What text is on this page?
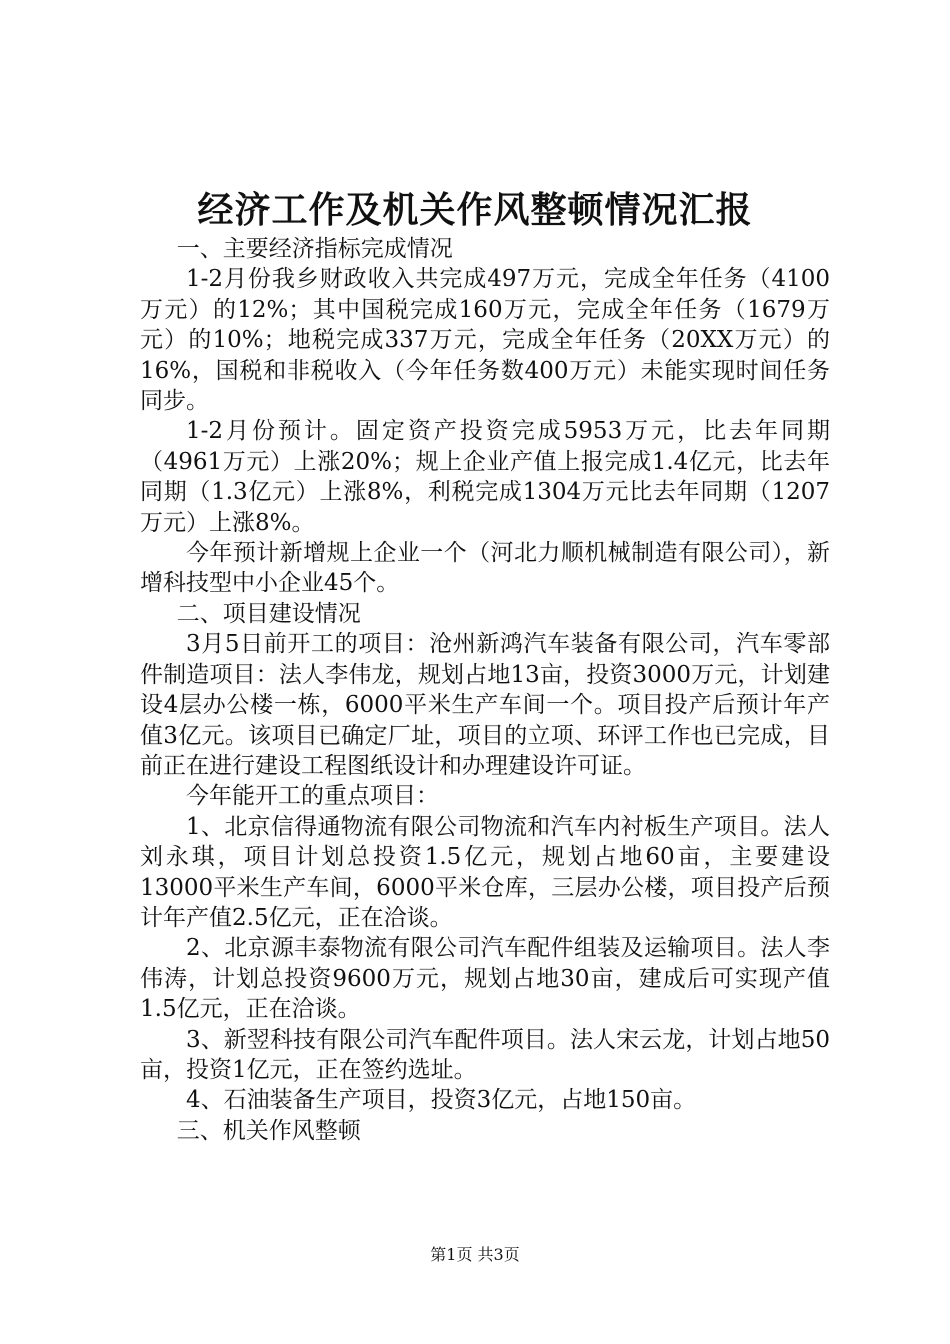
经济工作及机关作风整顿情况汇报

一、主要经济指标完成情况

1-2月份我乡财政收入共完成497万元，完成全年任务（4100万元）的12%；其中国税完成160万元，完成全年任务（1679万元）的10%；地税完成337万元，完成全年任务（20XX万元）的16%，国税和非税收入（今年任务数400万元）未能实现时间任务同步。

1-2月份预计。固定资产投资完成5953万元，比去年同期（4961万元）上涨20%；规上企业产值上报完成1.4亿元，比去年同期（1.3亿元）上涨8%，利税完成1304万元比去年同期（1207万元）上涨8%。

今年预计新增规上企业一个（河北力顺机械制造有限公司），新增科技型中小企业45个。

二、项目建设情况

3月5日前开工的项目：沧州新鸿汽车装备有限公司，汽车零部件制造项目：法人李伟龙，规划占地13亩，投资3000万元，计划建设4层办公楼一栋，6000平米生产车间一个。项目投产后预计年产值3亿元。该项目已确定厂址，项目的立项、环评工作也已完成，目前正在进行建设工程图纸设计和办理建设许可证。

今年能开工的重点项目：

1、北京信得通物流有限公司物流和汽车内衬板生产项目。法人刘永琪，项目计划总投资1.5亿元，规划占地60亩，主要建设13000平米生产车间，6000平米仓库，三层办公楼，项目投产后预计年产值2.5亿元，正在洽谈。

2、北京源丰泰物流有限公司汽车配件组装及运输项目。法人李伟涛，计划总投资9600万元，规划占地30亩，建成后可实现产值1.5亿元，正在洽谈。

3、新翌科技有限公司汽车配件项目。法人宋云龙，计划占地50亩，投资1亿元，正在签约选址。

4、石油装备生产项目，投资3亿元，占地150亩。

三、机关作风整顿

第1页 共3页
